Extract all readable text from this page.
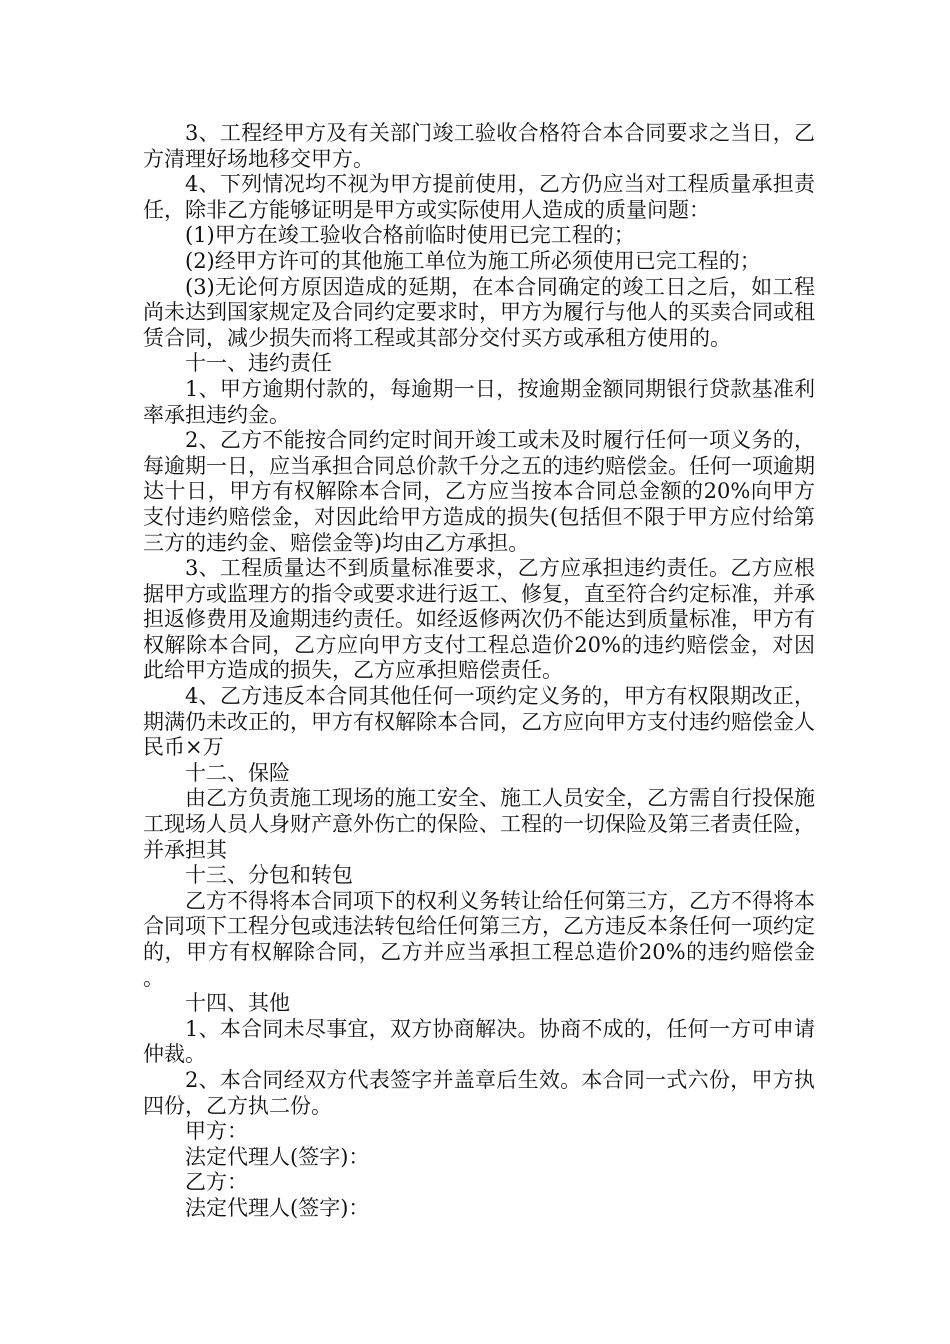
3、工程经甲方及有关部门竣工验收合格符合本合同要求之当日，乙方清理好场地移交甲方。

4、下列情况均不视为甲方提前使用，乙方仍应当对工程质量承担责任，除非乙方能够证明是甲方或实际使用人造成的质量问题：

(1)甲方在竣工验收合格前临时使用已完工程的；

(2)经甲方许可的其他施工单位为施工所必须使用已完工程的；

(3)无论何方原因造成的延期，在本合同确定的竣工日之后，如工程尚未达到国家规定及合同约定要求时，甲方为履行与他人的买卖合同或租赁合同，减少损失而将工程或其部分交付买方或承租方使用的。

十一、违约责任

1、甲方逾期付款的，每逾期一日，按逾期金额同期银行贷款基准利率承担违约金。

2、乙方不能按合同约定时间开竣工或未及时履行任何一项义务的，每逾期一日，应当承担合同总价款千分之五的违约赔偿金。任何一项逾期达十日，甲方有权解除本合同，乙方应当按本合同总金额的20%向甲方支付违约赔偿金，对因此给甲方造成的损失(包括但不限于甲方应付给第三方的违约金、赔偿金等)均由乙方承担。

3、工程质量达不到质量标准要求，乙方应承担违约责任。乙方应根据甲方或监理方的指令或要求进行返工、修复，直至符合约定标准，并承担返修费用及逾期违约责任。如经返修两次仍不能达到质量标准，甲方有权解除本合同，乙方应向甲方支付工程总造价20%的违约赔偿金，对因此给甲方造成的损失，乙方应承担赔偿责任。

4、乙方违反本合同其他任何一项约定义务的，甲方有权限期改正，期满仍未改正的，甲方有权解除本合同，乙方应向甲方支付违约赔偿金人民币×万

十二、保险

由乙方负责施工现场的施工安全、施工人员安全，乙方需自行投保施工现场人员人身财产意外伤亡的保险、工程的一切保险及第三者责任险，并承担其

十三、分包和转包

乙方不得将本合同项下的权利义务转让给任何第三方，乙方不得将本合同项下工程分包或违法转包给任何第三方，乙方违反本条任何一项约定的，甲方有权解除合同，乙方并应当承担工程总造价20%的违约赔偿金。

十四、其他

1、本合同未尽事宜，双方协商解决。协商不成的，任何一方可申请仲裁。

2、本合同经双方代表签字并盖章后生效。本合同一式六份，甲方执四份，乙方执二份。

甲方：

法定代理人(签字)：

乙方：

法定代理人(签字)：
